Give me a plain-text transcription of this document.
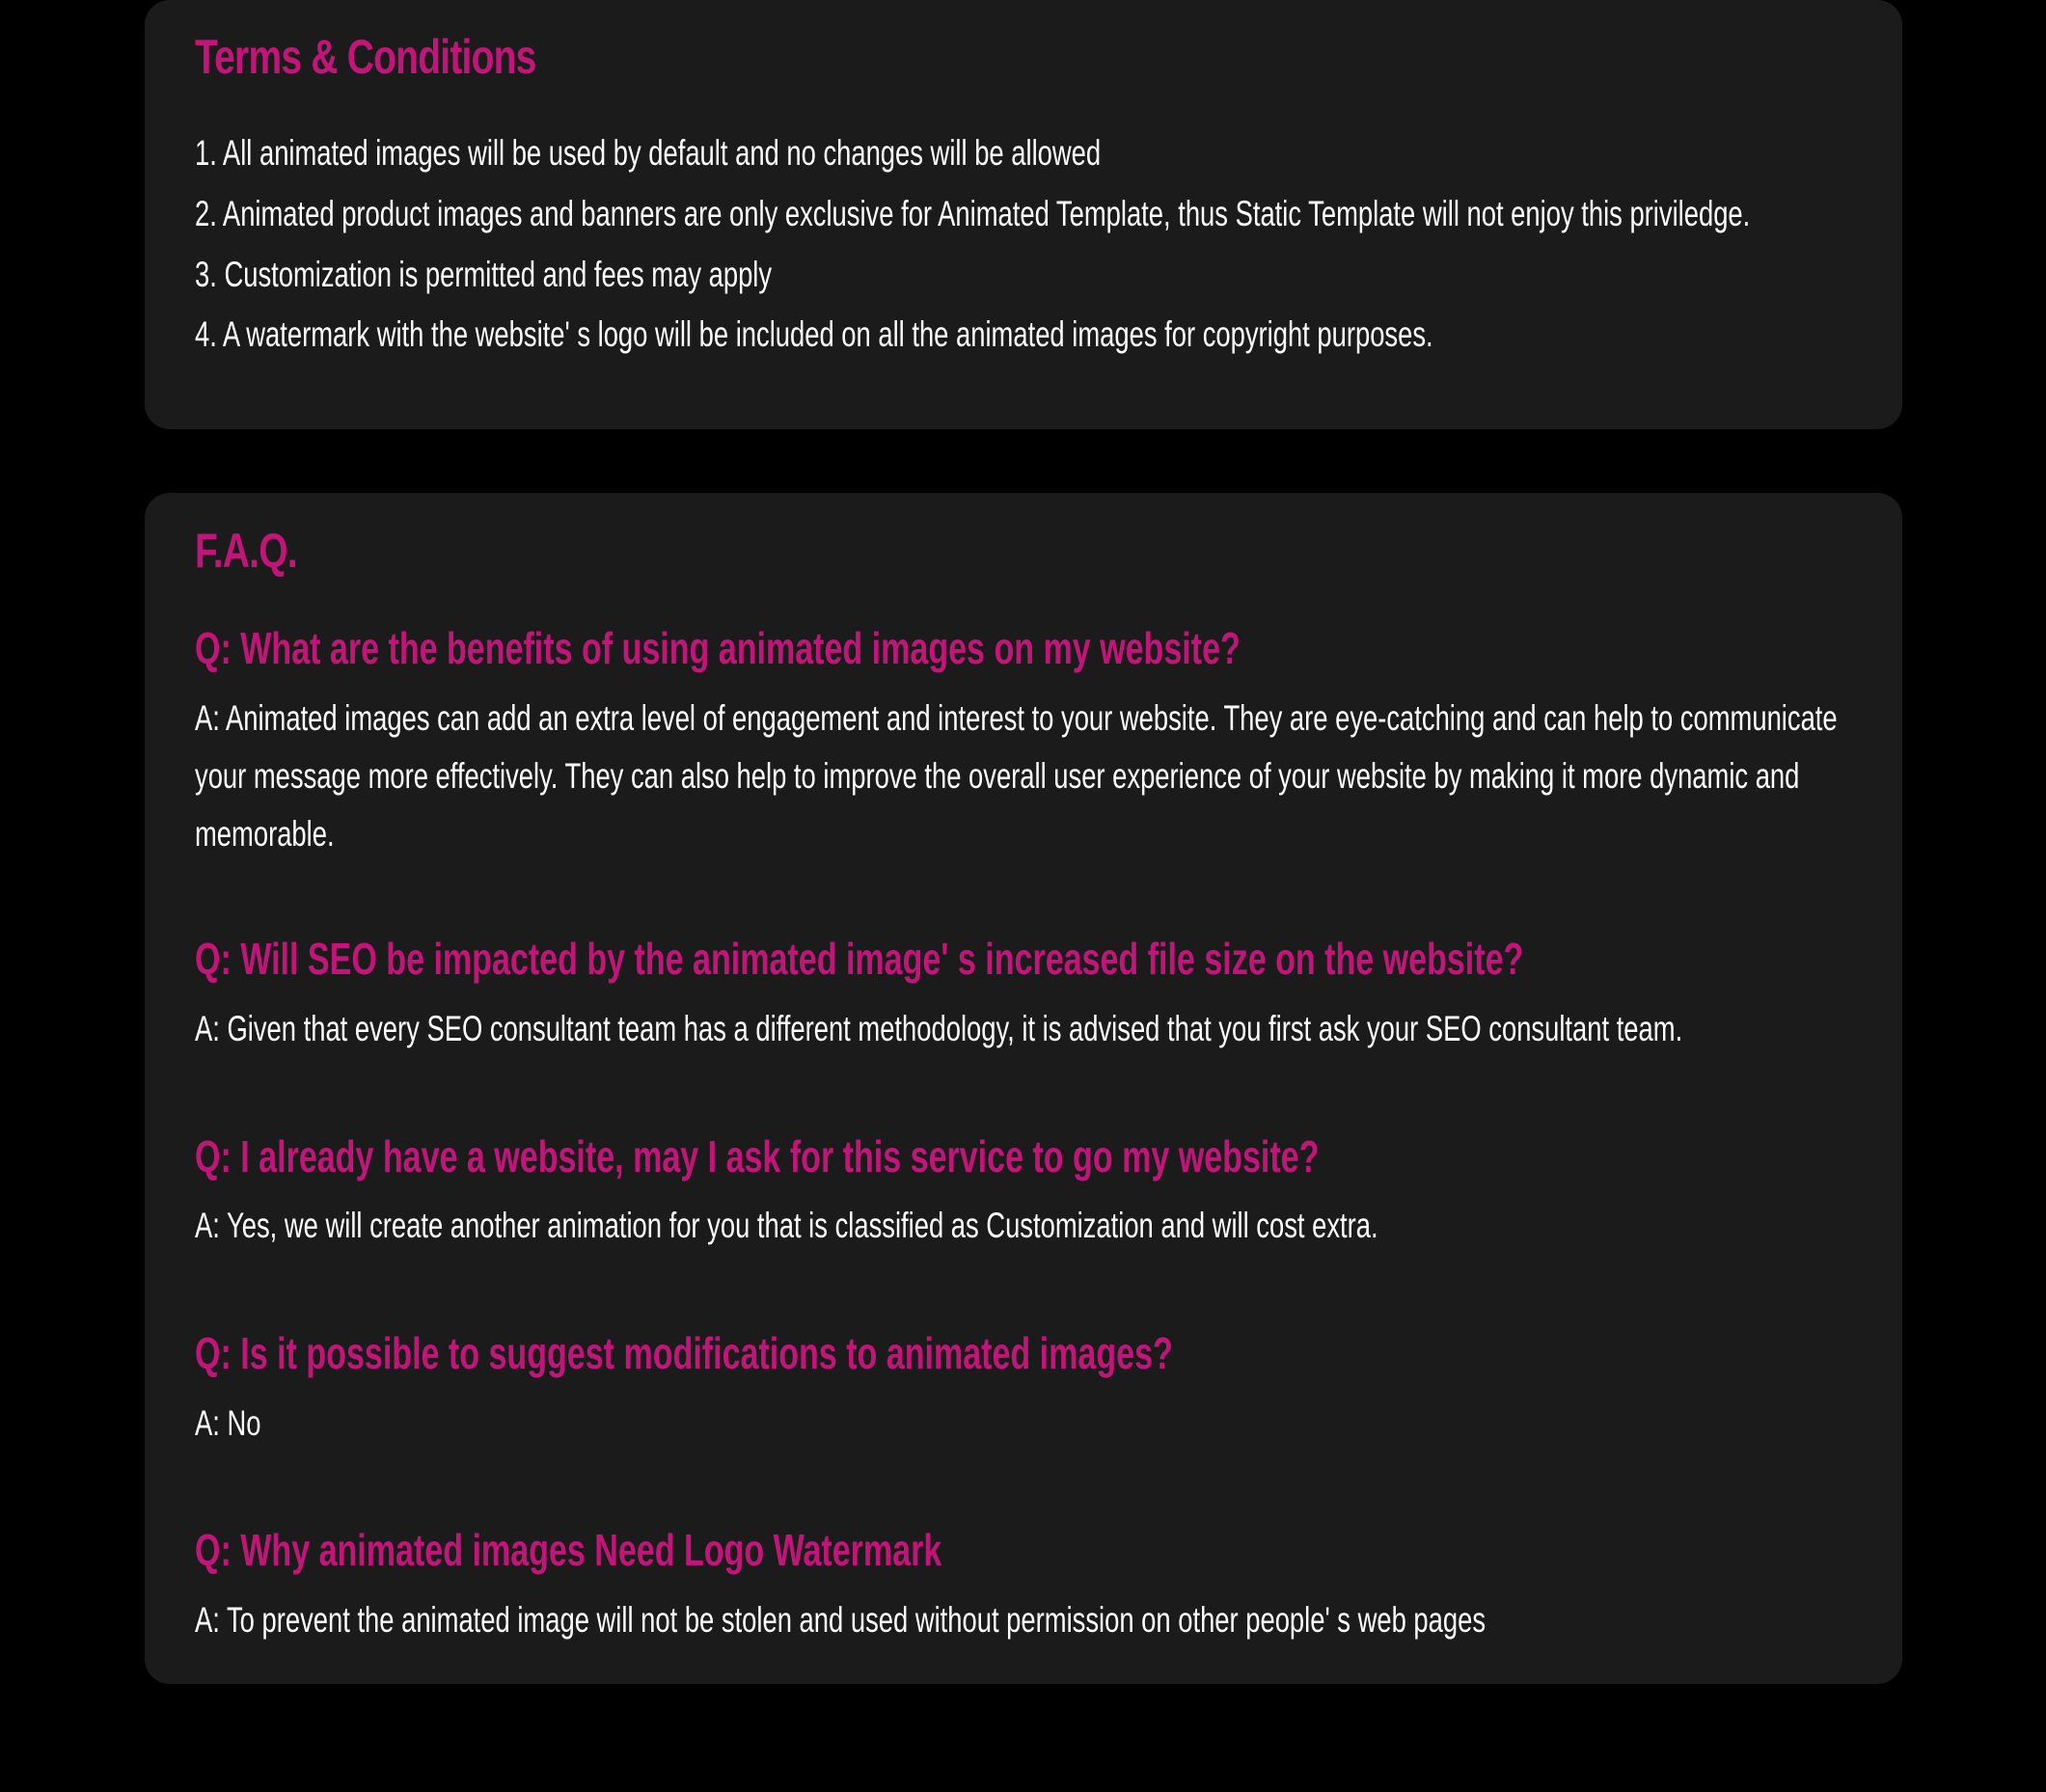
Terms & Conditions

1. All animated images will be used by default and no changes will be allowed

2. Animated product images and banners are only exclusive for Animated Template, thus Static Template will not enjoy this priviledge.

3. Customization is permitted and fees may apply

4. A watermark with the website' s logo will be included on all the animated images for copyright purposes.

F.A.Q.
Q: What are the benefits of using animated images on my website?

A: Animated images can add an extra level of engagement and interest to your website. They are eye-catching and can help to communicate your message more effectively. They can also help to improve the overall user experience of your website by making it more dynamic and memorable.

Q: Will SEO be impacted by the animated image' s increased file size on the website?

A: Given that every SEO consultant team has a different methodology, it is advised that you first ask your SEO consultant team.

Q: I already have a website, may I ask for this service to go my website?

A: Yes, we will create another animation for you that is classified as Customization and will cost extra.

Q: Is it possible to suggest modifications to animated images?

A: No

Q: Why animated images Need Logo Watermark

A: To prevent the animated image will not be stolen and used without permission on other people' s web pages
